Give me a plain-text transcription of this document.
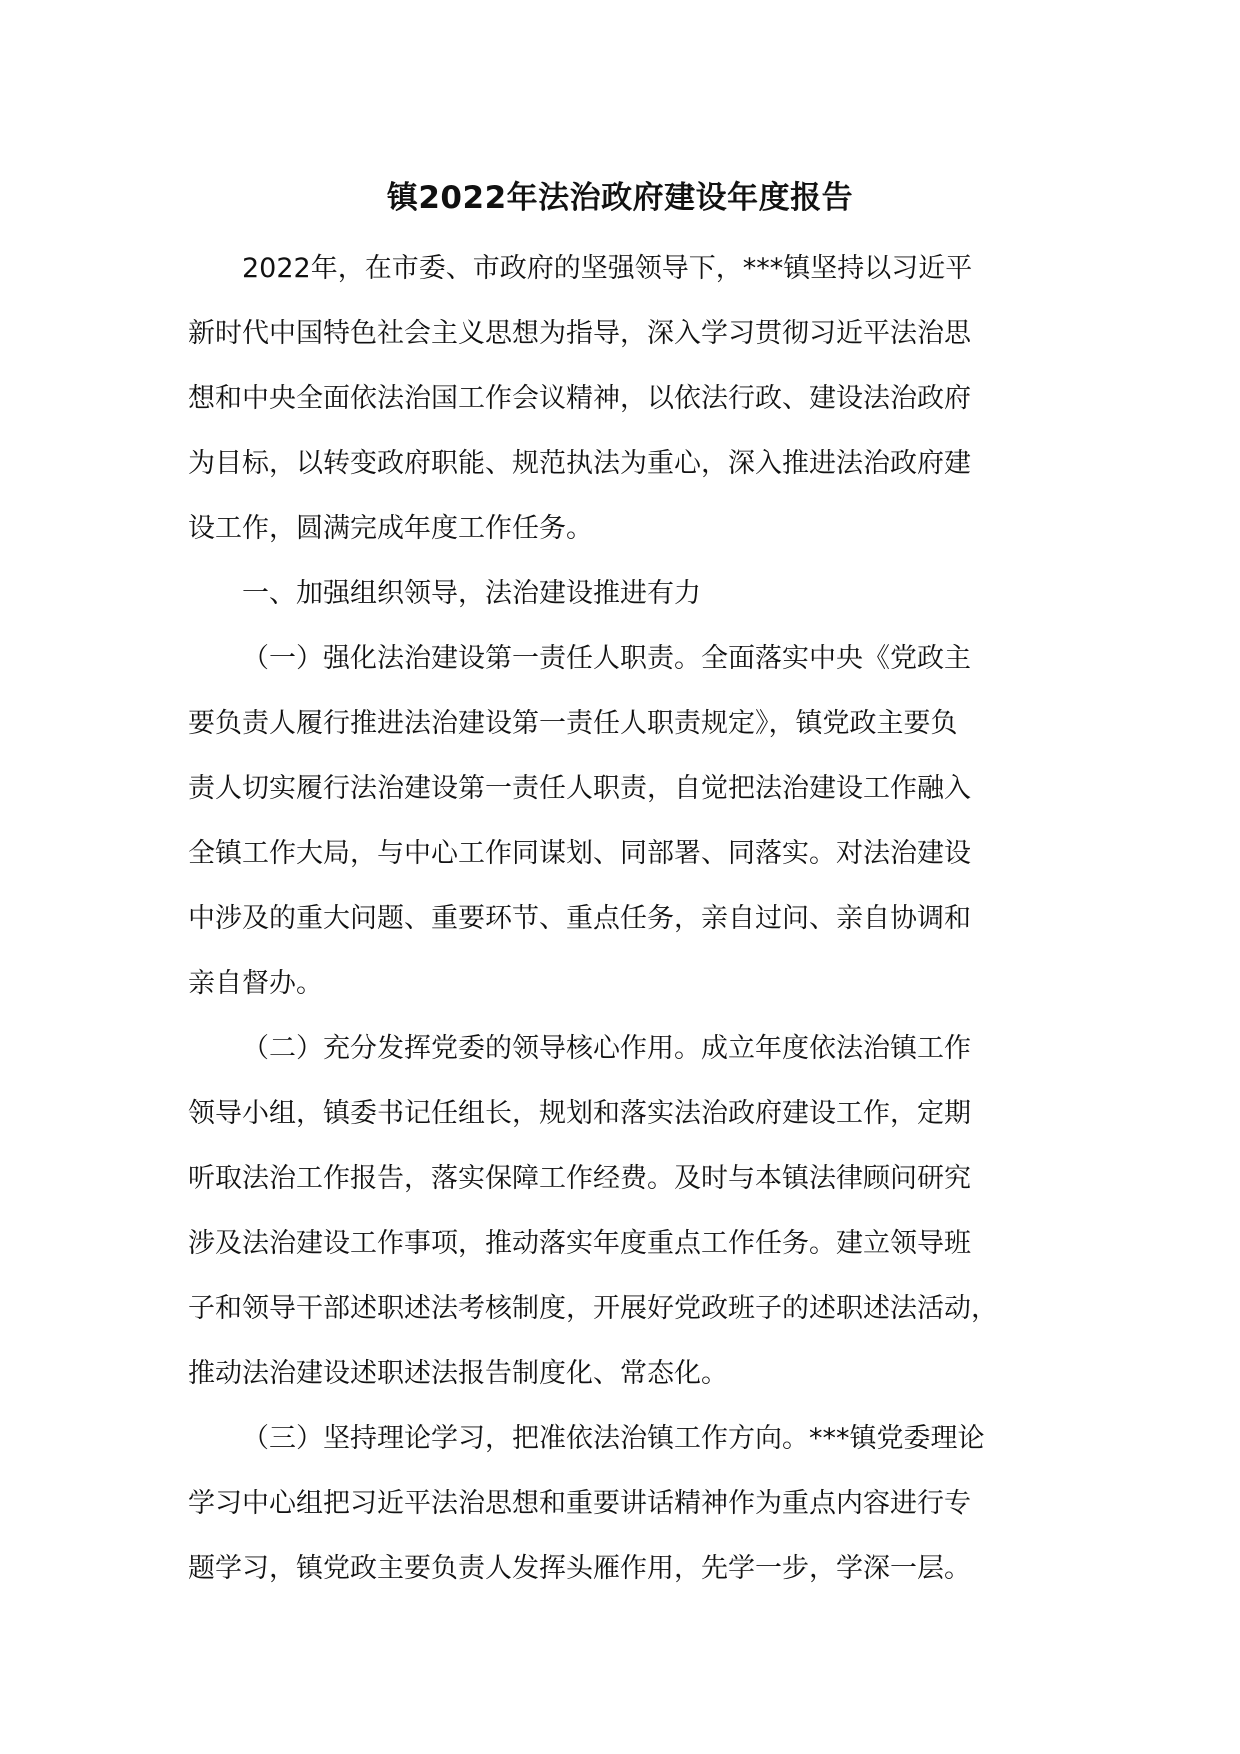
镇2022年法治政府建设年度报告

2022年，在市委、市政府的坚强领导下，***镇坚持以习近平
新时代中国特色社会主义思想为指导，深入学习贯彻习近平法治思
想和中央全面依法治国工作会议精神，以依法行政、建设法治政府
为目标，以转变政府职能、规范执法为重心，深入推进法治政府建
设工作，圆满完成年度工作任务。

一、加强组织领导，法治建设推进有力

（一）强化法治建设第一责任人职责。全面落实中央《党政主
要负责人履行推进法治建设第一责任人职责规定》，镇党政主要负
责人切实履行法治建设第一责任人职责，自觉把法治建设工作融入
全镇工作大局，与中心工作同谋划、同部署、同落实。对法治建设
中涉及的重大问题、重要环节、重点任务，亲自过问、亲自协调和
亲自督办。

（二）充分发挥党委的领导核心作用。成立年度依法治镇工作
领导小组，镇委书记任组长，规划和落实法治政府建设工作，定期
听取法治工作报告，落实保障工作经费。及时与本镇法律顾问研究
涉及法治建设工作事项，推动落实年度重点工作任务。建立领导班
子和领导干部述职述法考核制度，开展好党政班子的述职述法活动，
推动法治建设述职述法报告制度化、常态化。

（三）坚持理论学习，把准依法治镇工作方向。***镇党委理论
学习中心组把习近平法治思想和重要讲话精神作为重点内容进行专
题学习，镇党政主要负责人发挥头雁作用，先学一步，学深一层。
